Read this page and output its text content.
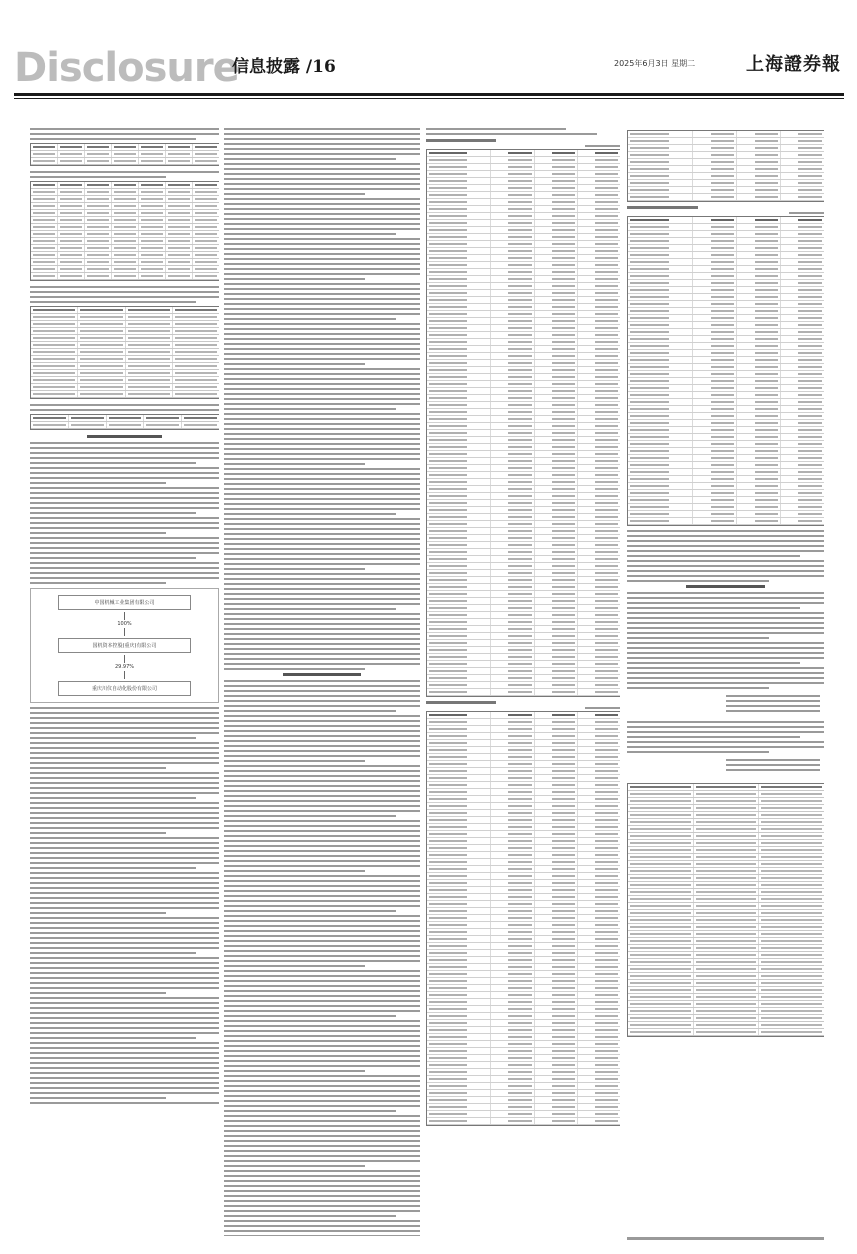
Disclosure
信息披露 /16	2025年6月3日 星期二	上海證券報
中国机械工业集团有限公司
100%
国机资本控股(重庆)有限公司
29.97%
重庆川仪自动化股份有限公司
